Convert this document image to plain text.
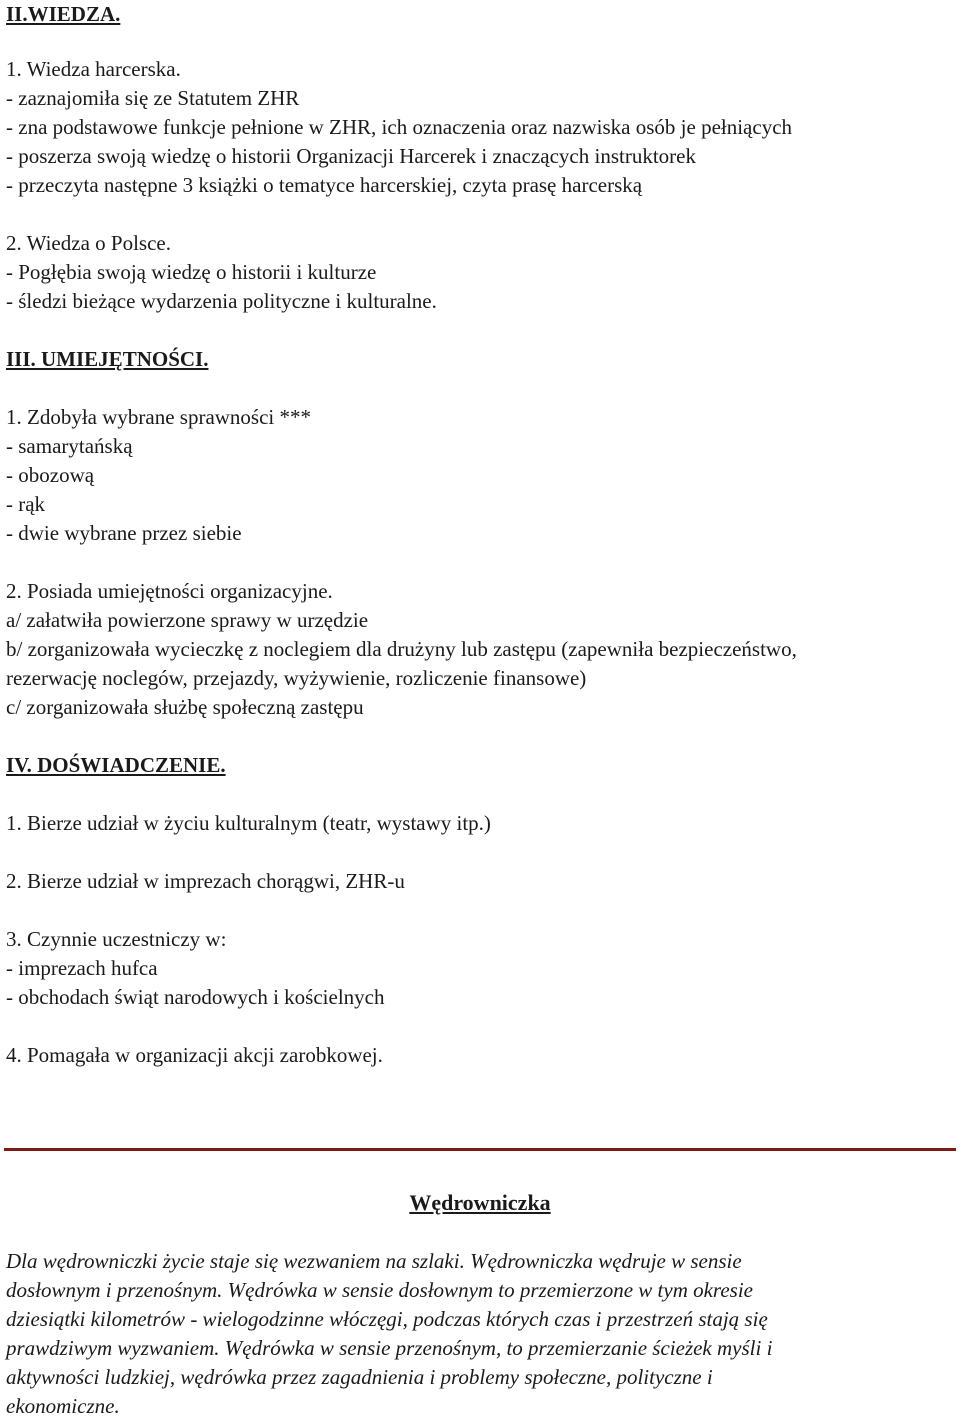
II.WIEDZA.
1. Wiedza harcerska.
- zaznajomiła się ze Statutem ZHR
- zna podstawowe funkcje pełnione w ZHR, ich oznaczenia oraz nazwiska osób je pełniących
- poszerza swoją wiedzę o historii Organizacji Harcerek i znaczących instruktorek
- przeczyta następne 3 książki o tematyce harcerskiej, czyta prasę harcerską
2. Wiedza o Polsce.
- Pogłębia swoją wiedzę o historii i kulturze
- śledzi bieżące wydarzenia polityczne i kulturalne.
III. UMIEJĘTNOŚCI.
1. Zdobyła wybrane sprawności ***
- samarytańską
- obozową
- rąk
- dwie wybrane przez siebie
2. Posiada umiejętności organizacyjne.
a/ załatwiła powierzone sprawy w urzędzie
b/ zorganizowała wycieczkę z noclegiem dla drużyny lub zastępu (zapewniła bezpieczeństwo,
rezerwację noclegów, przejazdy, wyżywienie, rozliczenie finansowe)
c/ zorganizowała służbę społeczną zastępu
IV. DOŚWIADCZENIE.
1. Bierze udział w życiu kulturalnym (teatr, wystawy itp.)
2. Bierze udział w imprezach chorągwi, ZHR-u
3. Czynnie uczestniczy w:
- imprezach hufca
- obchodach świąt narodowych i kościelnych
4. Pomagała w organizacji akcji zarobkowej.
Wędrowniczka
Dla wędrowniczki życie staje się wezwaniem na szlaki. Wędrowniczka wędruje w sensie
dosłownym i przenośnym. Wędrówka w sensie dosłownym to przemierzone w tym okresie
dziesiątki kilometrów - wielogodzinne włóczęgi, podczas których czas i przestrzeń stają się
prawdziwym wyzwaniem. Wędrówka w sensie przenośnym, to przemierzanie ścieżek myśli i
aktywności ludzkiej, wędrówka przez zagadnienia i problemy społeczne, polityczne i
ekonomiczne.
